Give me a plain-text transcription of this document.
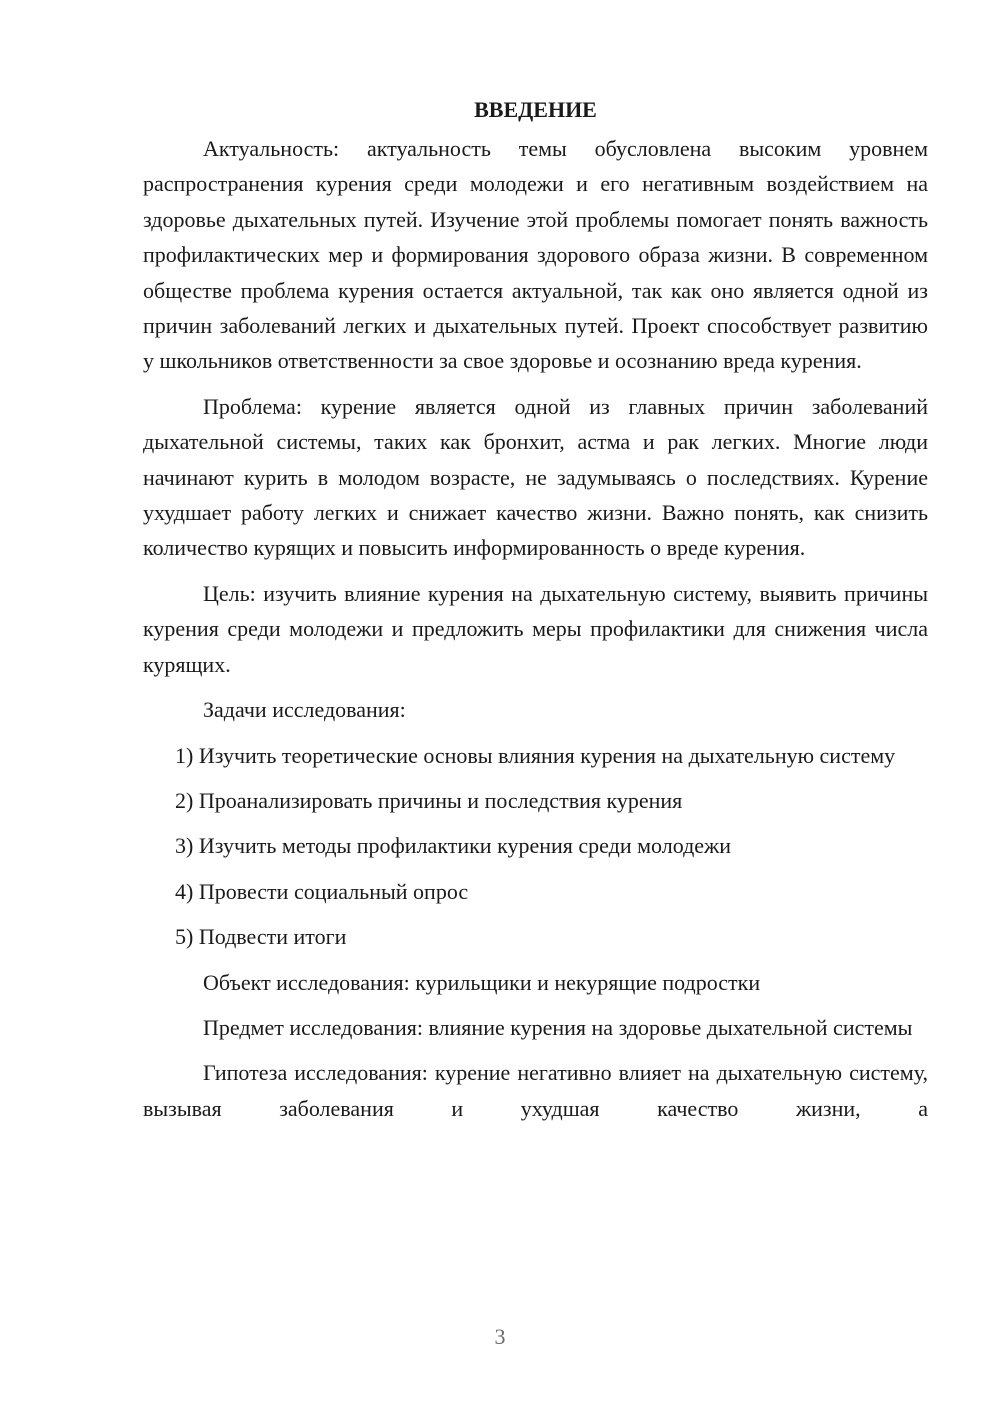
ВВЕДЕНИЕ

Актуальность: актуальность темы обусловлена высоким уровнем распространения курения среди молодежи и его негативным воздействием на здоровье дыхательных путей. Изучение этой проблемы помогает понять важность профилактических мер и формирования здорового образа жизни. В современном обществе проблема курения остается актуальной, так как оно является одной из причин заболеваний легких и дыхательных путей. Проект способствует развитию у школьников ответственности за свое здоровье и осознанию вреда курения.

Проблема: курение является одной из главных причин заболеваний дыхательной системы, таких как бронхит, астма и рак легких. Многие люди начинают курить в молодом возрасте, не задумываясь о последствиях. Курение ухудшает работу легких и снижает качество жизни. Важно понять, как снизить количество курящих и повысить информированность о вреде курения.

Цель: изучить влияние курения на дыхательную систему, выявить причины курения среди молодежи и предложить меры профилактики для снижения числа курящих.

Задачи исследования:

1) Изучить теоретические основы влияния курения на дыхательную систему

2) Проанализировать причины и последствия курения

3) Изучить методы профилактики курения среди молодежи

4) Провести социальный опрос

5) Подвести итоги

Объект исследования: курильщики и некурящие подростки

Предмет исследования: влияние курения на здоровье дыхательной системы

Гипотеза исследования: курение негативно влияет на дыхательную систему, вызывая заболевания и ухудшая качество жизни, а

3
